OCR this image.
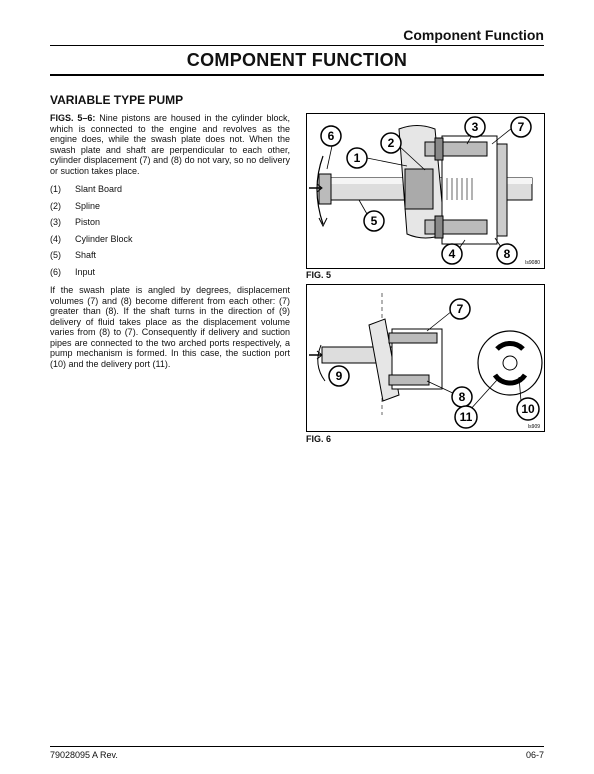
Component Function
COMPONENT FUNCTION
VARIABLE TYPE PUMP
FIGS. 5–6: Nine pistons are housed in the cylinder block, which is connected to the engine and revolves as the engine does, while the swash plate does not. When the swash plate and shaft are perpendicular to each other, cylinder displacement (7) and (8) do not vary, so no delivery or suction takes place.
(1)	Slant Board
(2)	Spline
(3)	Piston
(4)	Cylinder Block
(5)	Shaft
(6)	Input
If the swash plate is angled by degrees, displacement volumes (7) and (8) become different from each other: (7) greater than (8). If the shaft turns in the direction of (9) delivery of fluid takes place as the displacement volume varies from (8) to (7). Consequently if delivery and suction pipes are connected to the two arched ports respectively, a pump mechanism is formed. In this case, the suction port (10) and the delivery port (11).
6
1
2
3	7
5
4	8
ls9080
FIG. 5
7
9
8
11
10
ls909
FIG. 6
79028095 A Rev.	06-7
